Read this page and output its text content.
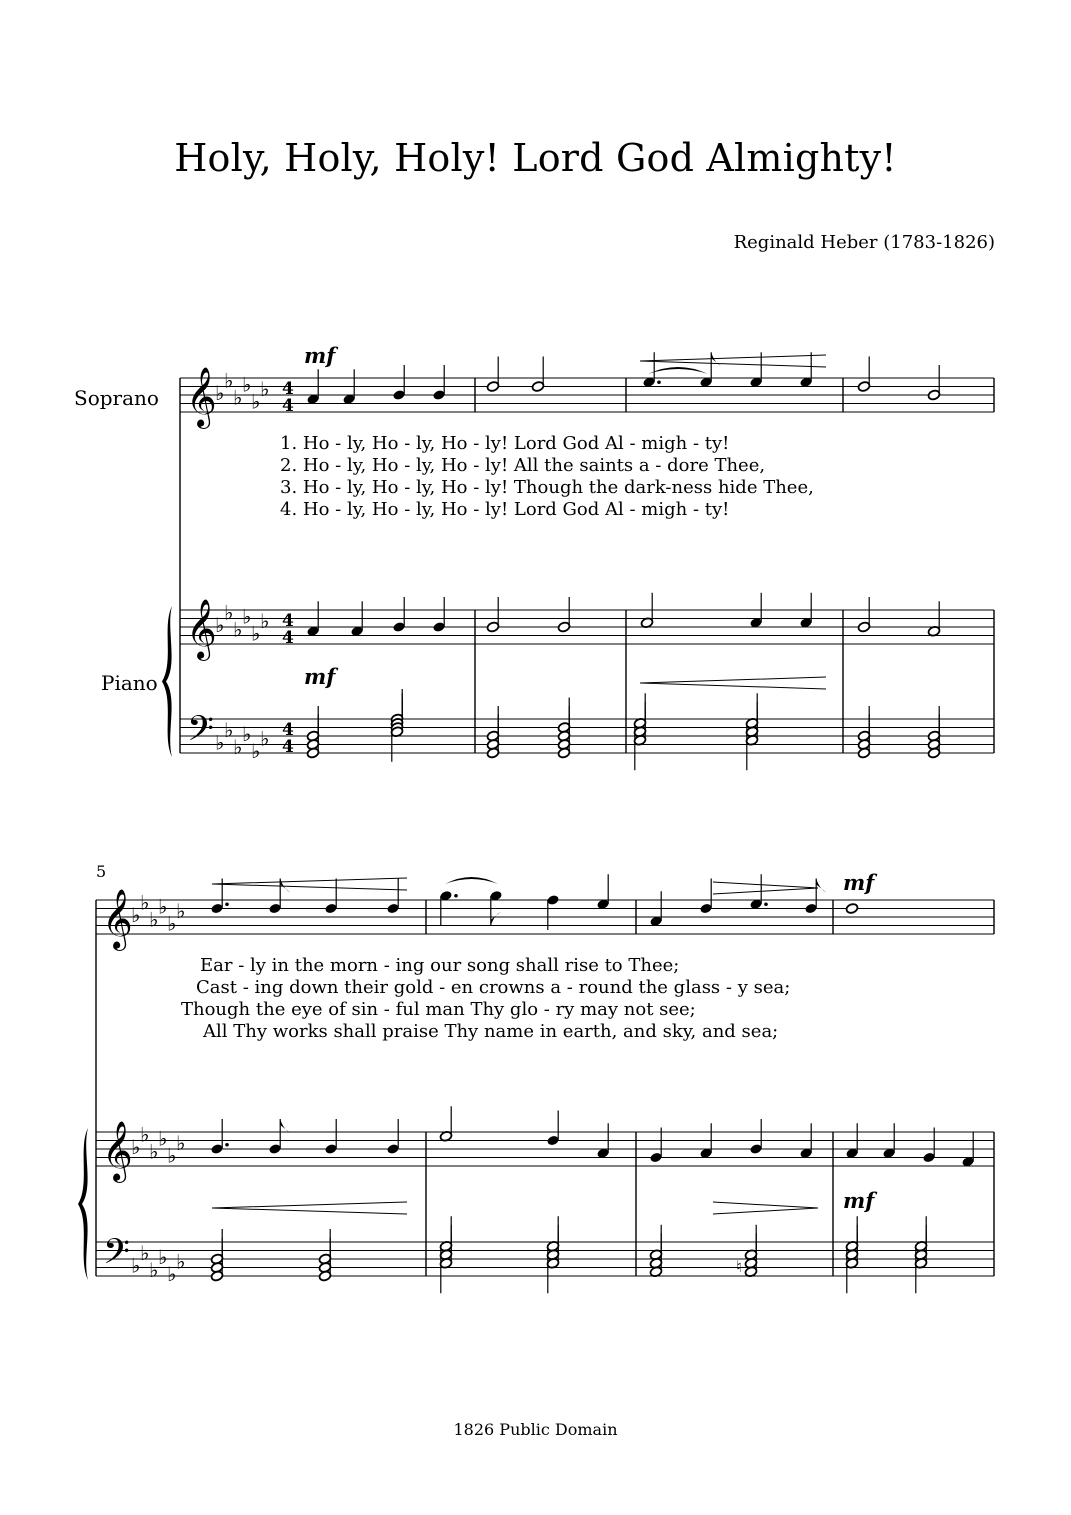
Holy, Holy, Holy! Lord God Almighty!
Reginald Heber (1783-1826)
Soprano
Piano
5
1. Ho - ly, Ho - ly, Ho - ly! Lord God Al - migh - ty!
2. Ho - ly, Ho - ly, Ho - ly! All the saints a - dore Thee,
3. Ho - ly, Ho - ly, Ho - ly! Though the dark-ness hide Thee,
4. Ho - ly, Ho - ly, Ho - ly! Lord God Al - migh - ty!
Ear - ly in the morn - ing our song shall rise to Thee;
Cast - ing down their gold - en crowns a - round the glass - y sea;
Though the eye of sin - ful man Thy glo - ry may not see;
All Thy works shall praise Thy name in earth, and sky, and sea;
1826 Public Domain
𝄞
♭
♭
♭
♭
♭
♭ 4
4
𝄞
♭
♭
♭
♭
♭
♭ 4
4
𝄢 ♭
♭
♭
♭
♭
♭ 4
4
mf
mf
𝄞
♭
♭
♭
♭
♭
♭
𝄞
♭
♭
♭
♭
♭
♭
𝄢 ♭
♭
♭
♭
♭
♭
mf
mf
♮
